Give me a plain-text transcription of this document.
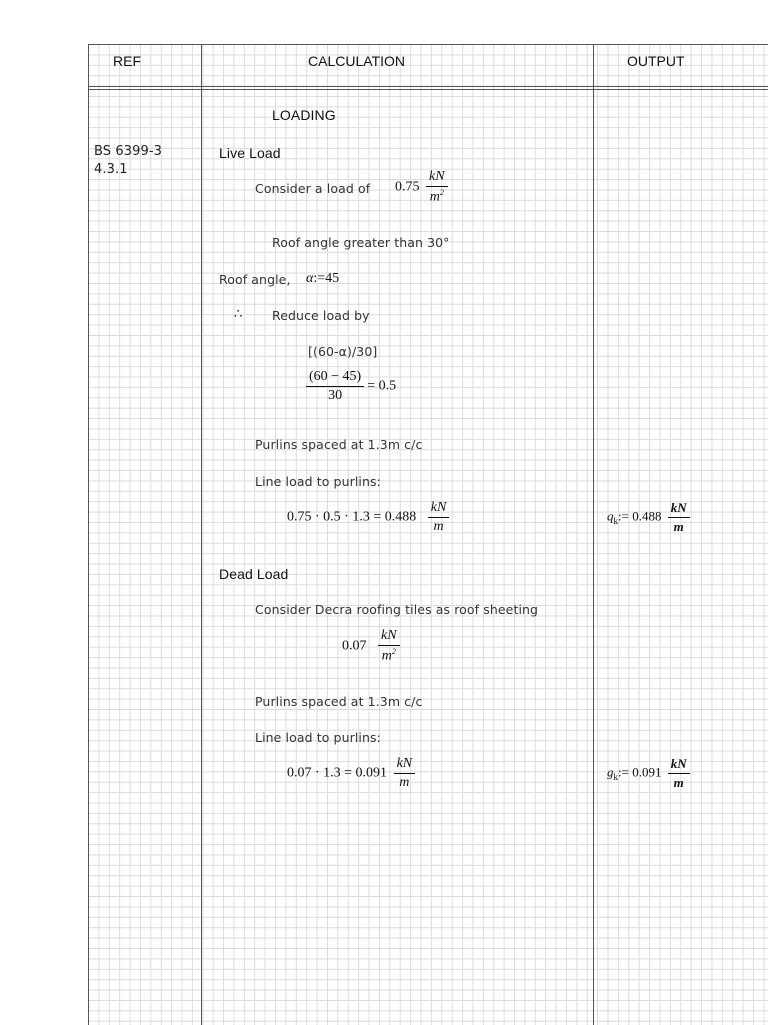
REF	CALCULATION	OUTPUT
BS 6399-3
4.3.1
LOADING
Live Load
Consider a load of $0.75 \frac{kN}{m^2}$
Roof angle greater than 30°
Roof angle, α:=45
∴ Reduce load by
[(60-α)/30]
$\frac{(60 - 45)}{30} = 0.5$
Purlins spaced at 1.3m c/c
Line load to purlins:
$0.75 \cdot 0.5 \cdot 1.3 = 0.488 \frac{kN}{m}$
Dead Load
Consider Decra roofing tiles as roof sheeting
$0.07 \frac{kN}{m^2}$
Purlins spaced at 1.3m c/c
Line load to purlins:
$0.07 \cdot 1.3 = 0.091 \frac{kN}{m}$
$q_k:= 0.488 \frac{kN}{m}$
$g_k:= 0.091 \frac{kN}{m}$
